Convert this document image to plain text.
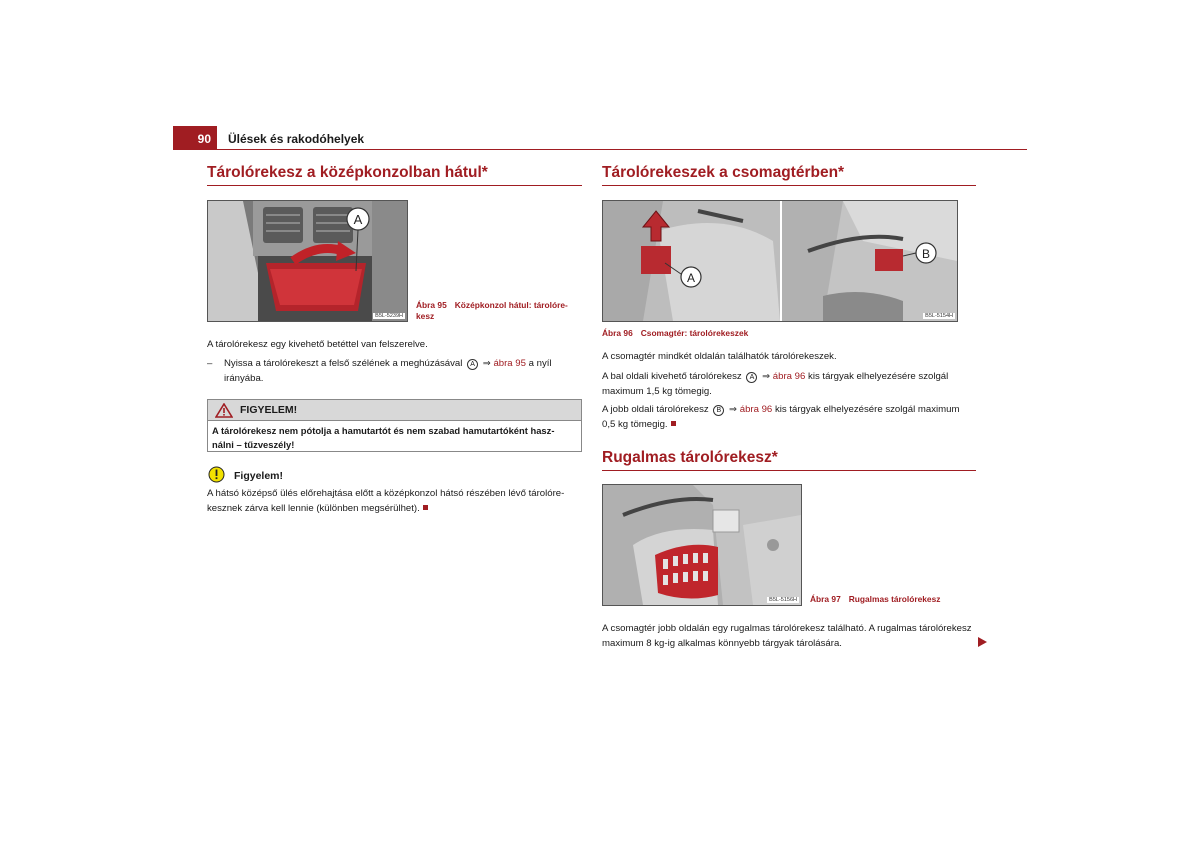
90	Ülések és rakodóhelyek
Tárolórekesz a középkonzolban hátul*
A
B5L-5239H
Ábra 95 Középkonzol hátul: tárolóre-
kesz
A tárolórekesz egy kivehető betéttel van felszerelve.
– Nyissa a tárolórekeszt a felső szélének a meghúzásával A ⇒ ábra 95 a nyíl
irányába.
FIGYELEM!
A tárolórekesz nem pótolja a hamutartót és nem szabad hamutartóként hasz-
nálni – tűzveszély!
Figyelem!
A hátsó középső ülés előrehajtása előtt a középkonzol hátsó részében lévő tárolóre-
kesznek zárva kell lennie (különben megsérülhet).
Tárolórekeszek a csomagtérben*
A
B
B5L-5154H
Ábra 96 Csomagtér: tárolórekeszek
A csomagtér mindkét oldalán találhatók tárolórekeszek.
A bal oldali kivehető tárolórekesz A ⇒ ábra 96 kis tárgyak elhelyezésére szolgál
maximum 1,5 kg tömegig.
A jobb oldali tárolórekesz B ⇒ ábra 96 kis tárgyak elhelyezésére szolgál maximum
0,5 kg tömegig.
Rugalmas tárolórekesz*
B5L-5156H Ábra 97 Rugalmas tárolórekesz
A csomagtér jobb oldalán egy rugalmas tárolórekesz található. A rugalmas tárolórekesz
maximum 8 kg-ig alkalmas könnyebb tárgyak tárolására.
